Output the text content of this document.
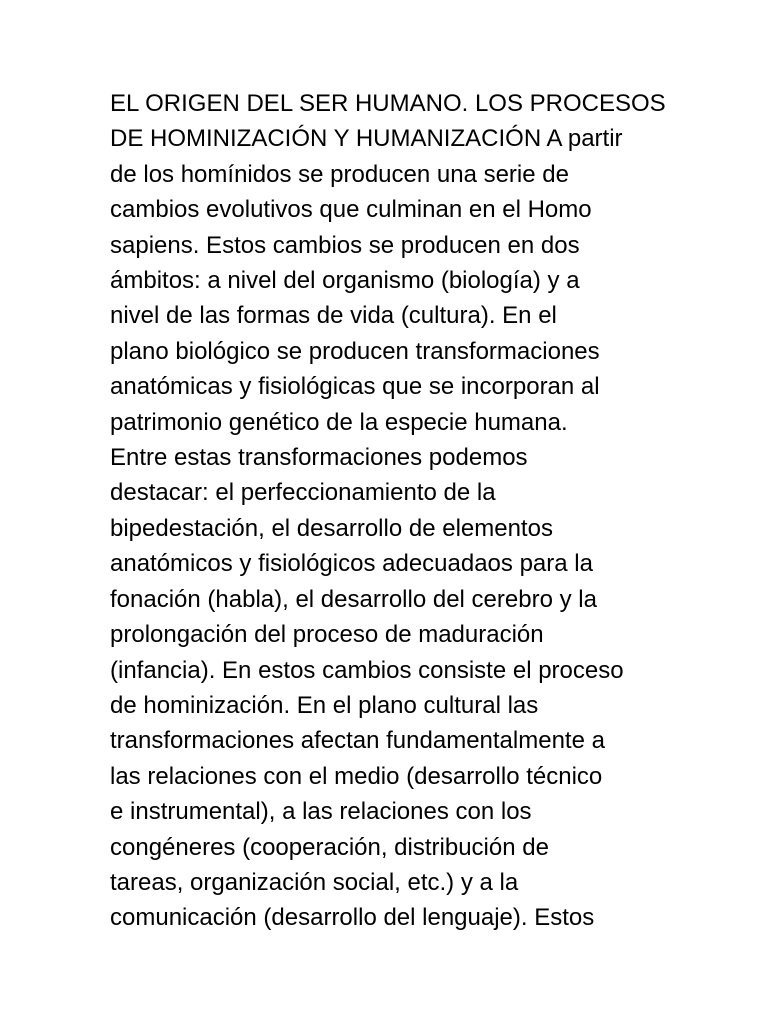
EL ORIGEN DEL SER HUMANO. LOS PROCESOS
DE HOMINIZACIÓN Y HUMANIZACIÓN A partir
de los homínidos se producen una serie de
cambios evolutivos que culminan en el Homo
sapiens. Estos cambios se producen en dos
ámbitos: a nivel del organismo (biología) y a
nivel de las formas de vida (cultura). En el
plano biológico se producen transformaciones
anatómicas y fisiológicas que se incorporan al
patrimonio genético de la especie humana.
Entre estas transformaciones podemos
destacar: el perfeccionamiento de la
bipedestación, el desarrollo de elementos
anatómicos y fisiológicos adecuadaos para la
fonación (habla), el desarrollo del cerebro y la
prolongación del proceso de maduración
(infancia). En estos cambios consiste el proceso
de hominización. En el plano cultural las
transformaciones afectan fundamentalmente a
las relaciones con el medio (desarrollo técnico
e instrumental), a las relaciones con los
congéneres (cooperación, distribución de
tareas, organización social, etc.) y a la
comunicación (desarrollo del lenguaje). Estos
